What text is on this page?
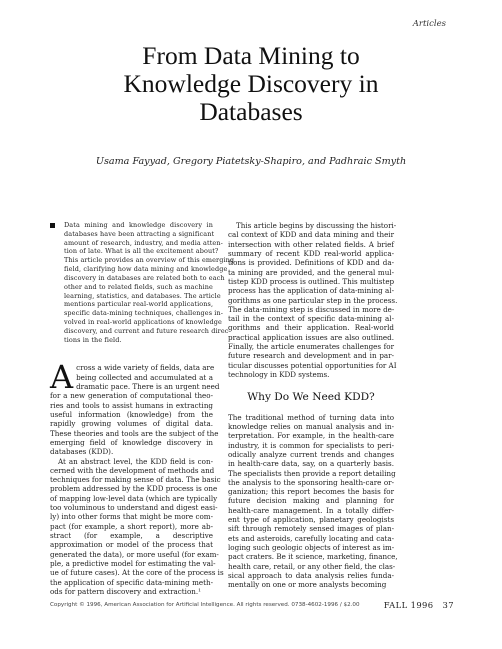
Articles
From Data Mining to
Knowledge Discovery in
Databases
Usama Fayyad, Gregory Piatetsky-Shapiro, and Padhraic Smyth
Data mining and knowledge discovery in
databases have been attracting a significant
amount of research, industry, and media atten-
tion of late. What is all the excitement about?
This article provides an overview of this emerging
field, clarifying how data mining and knowledge
discovery in databases are related both to each
other and to related fields, such as machine
learning, statistics, and databases. The article
mentions particular real-world applications,
specific data-mining techniques, challenges in-
volved in real-world applications of knowledge
discovery, and current and future research direc-
tions in the field.
A cross a wide variety of fields, data are
being collected and accumulated at a
dramatic pace. There is an urgent need
for a new generation of computational theo-
ries and tools to assist humans in extracting
useful information (knowledge) from the
rapidly growing volumes of digital data.
These theories and tools are the subject of the
emerging field of knowledge discovery in
databases (KDD).
At an abstract level, the KDD field is con-
cerned with the development of methods and
techniques for making sense of data. The basic
problem addressed by the KDD process is one
of mapping low-level data (which are typically
too voluminous to understand and digest easi-
ly) into other forms that might be more com-
pact (for example, a short report), more ab-
stract (for example, a descriptive
approximation or model of the process that
generated the data), or more useful (for exam-
ple, a predictive model for estimating the val-
ue of future cases). At the core of the process is
the application of specific data-mining meth-
ods for pattern discovery and extraction.¹
This article begins by discussing the histori-
cal context of KDD and data mining and their
intersection with other related fields. A brief
summary of recent KDD real-world applica-
tions is provided. Definitions of KDD and da-
ta mining are provided, and the general mul-
tistep KDD process is outlined. This multistep
process has the application of data-mining al-
gorithms as one particular step in the process.
The data-mining step is discussed in more de-
tail in the context of specific data-mining al-
gorithms and their application. Real-world
practical application issues are also outlined.
Finally, the article enumerates challenges for
future research and development and in par-
ticular discusses potential opportunities for AI
technology in KDD systems.
Why Do We Need KDD?
The traditional method of turning data into
knowledge relies on manual analysis and in-
terpretation. For example, in the health-care
industry, it is common for specialists to peri-
odically analyze current trends and changes
in health-care data, say, on a quarterly basis.
The specialists then provide a report detailing
the analysis to the sponsoring health-care or-
ganization; this report becomes the basis for
future decision making and planning for
health-care management. In a totally differ-
ent type of application, planetary geologists
sift through remotely sensed images of plan-
ets and asteroids, carefully locating and cata-
loging such geologic objects of interest as im-
pact craters. Be it science, marketing, finance,
health care, retail, or any other field, the clas-
sical approach to data analysis relies funda-
mentally on one or more analysts becoming
Copyright © 1996, American Association for Artificial Intelligence. All rights reserved. 0738-4602-1996 / $2.00	FALL 1996 37
